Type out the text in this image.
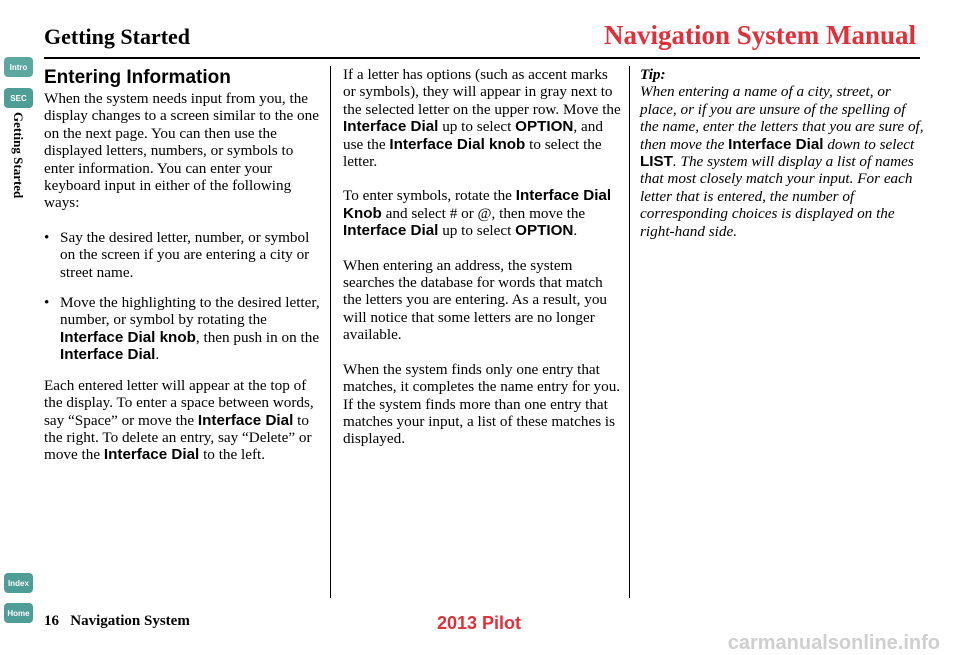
Getting Started	Navigation System Manual
Intro
SEC
Getting Started
Index
Home
Entering Information

When the system needs input from you, the display changes to a screen similar to the one on the next page. You can then use the displayed letters, numbers, or symbols to enter information. You can enter your keyboard input in either of the following ways:

• Say the desired letter, number, or symbol on the screen if you are entering a city or street name.
• Move the highlighting to the desired letter, number, or symbol by rotating the Interface Dial knob, then push in on the Interface Dial.

Each entered letter will appear at the top of the display. To enter a space between words, say “Space” or move the Interface Dial to the right. To delete an entry, say “Delete” or move the Interface Dial to the left.

If a letter has options (such as accent marks or symbols), they will appear in gray next to the selected letter on the upper row. Move the Interface Dial up to select OPTION, and use the Interface Dial knob to select the letter.

To enter symbols, rotate the Interface Dial Knob and select # or @, then move the Interface Dial up to select OPTION.

When entering an address, the system searches the database for words that match the letters you are entering. As a result, you will notice that some letters are no longer available.

When the system finds only one entry that matches, it completes the name entry for you. If the system finds more than one entry that matches your input, a list of these matches is displayed.

Tip:
When entering a name of a city, street, or place, or if you are unsure of the spelling of the name, enter the letters that you are sure of, then move the Interface Dial down to select LIST. The system will display a list of names that most closely match your input. For each letter that is entered, the number of corresponding choices is displayed on the right-hand side.
16 Navigation System	2013 Pilot
carmanualsonline.info
